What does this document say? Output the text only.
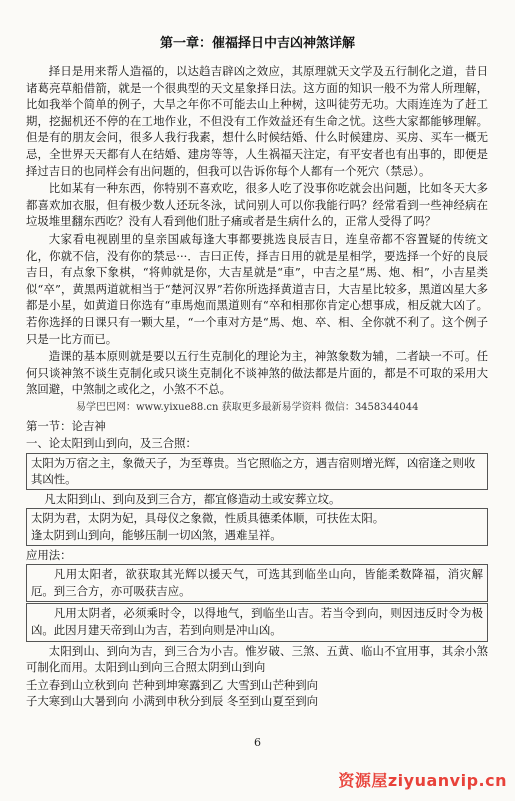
第一章：催福择日中吉凶神煞详解

择日是用来帮人造福的，以达趋吉辟凶之效应，其原理就天文学及五行制化之道，昔日诸葛亮草船借箭，就是一个很典型的天文星象择日法。这方面的知识一般不为常人所理解，比如我举个简单的例子，大旱之年你不可能去山上种树，这叫徒劳无功。大雨连连为了赶工期，挖掘机还不停的在工地作业，不但没有工作效益还有生命之忧。这些大家都能够理解。但是有的朋友会问，很多人我行我素，想什么时候结婚、什么时候建房、买房、买车一概无忌，全世界天天都有人在结婚、建房等等，人生祸福天注定，有平安者也有出事的，即便是择过吉日的也同样会有出问题的，但我可以告诉你每个人都有一个死穴（禁忌）。

比如某有一种东西，你特别不喜欢吃，很多人吃了没事你吃就会出问题，比如冬天大多都喜欢加衣服，但有极少数人还玩冬泳，试问别人可以你我能行吗？经常看到一些神经病在垃圾堆里翻东西吃？没有人看到他们肚子痛或者是生病什么的，正常人受得了吗？

大家看电视剧里的皇亲国戚每逢大事都要挑选良辰吉日，连皇帝都不容置疑的传统文化，你就不信，没有你的禁忌···．吉曰正传，择吉日用的就是星相学，要选择一个好的良辰吉日，有点象下象棋，“将帅就是你，大吉星就是“車”，中吉之星“馬、炮、相”，小吉星类似“卒”，黄黑两道就相当于“楚河汉界”若你所选择黄道吉日，大吉星比较多，黑道凶星大多都是小星，如黄道日你选有“車馬炮而黑道则有“卒和相那你肯定心想事成，相反就大凶了。若你选择的日课只有一颗大星，“一个車对方是“馬、炮、卒、相、全你就不利了。这个例子只是一比方而已。

造课的基本原则就是要以五行生克制化的理论为主，神煞象数为辅，二者缺一不可。任何只谈神煞不谈生克制化或只谈生克制化不谈神煞的做法都是片面的，都是不可取的采用大煞回避，中煞制之或化之，小煞不不总。

易学巴巴网：www.yixue88.cn 获取更多最新易学资料 微信：3458344044

第一节：论吉神

一、论太阳到山到向，及三合照：

太阳为万宿之主，象微天子，为至尊贵。当它照临之方，遇吉宿则增光辉，凶宿逢之则收其凶性。

凡太阳到山、到向及到三合方，都宜修造动土或安葬立坟。

太阴为君，太阴为妃，具母仪之象微，性质具德柔体顺，可扶佐太阳。

逢太阴到山到向，能够压制一切凶煞，遇难呈祥。

应用法：

凡用太阳者，欲获取其光辉以援天气，可选其到临坐山向，皆能柔数降福，消灾解厄。到三合方，亦可吸获吉应。

凡用太阴者，必须乘时令，以得地气，到临坐山吉。若当令到向，则因违反时令为极凶。此因月建天帝到山为吉，若到向则是冲山凶。

太阳到山、到向为吉，到三合为小吉。惟岁破、三煞、五黄、临山不宜用事，其余小煞可制化而用。太阳到山到向三合照太阴到山到向

壬立春到山立秋到向 芒种到坤寒露到乙 大雪到山芒种到向

子大寒到山大暑到向 小满到申秋分到辰 冬至到山夏至到向

6
资源屋ziyuanvip.cn
